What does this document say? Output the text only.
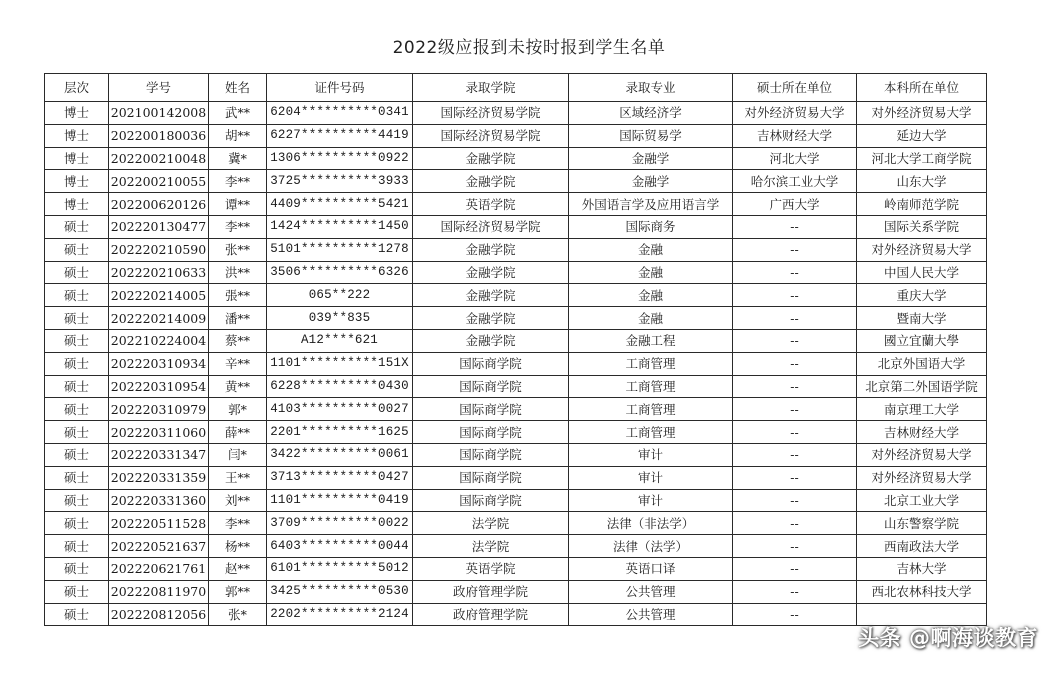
2022级应报到未按时报到学生名单
层次	学号	姓名	证件号码	录取学院	录取专业	硕士所在单位	本科所在单位
博士	202100142008	武**	6204**********0341	国际经济贸易学院	区域经济学	对外经济贸易大学	对外经济贸易大学
博士	202200180036	胡**	6227**********4419	国际经济贸易学院	国际贸易学	吉林财经大学	延边大学
博士	202200210048	冀*	1306**********0922	金融学院	金融学	河北大学	河北大学工商学院
博士	202200210055	李**	3725**********3933	金融学院	金融学	哈尔滨工业大学	山东大学
博士	202200620126	谭**	4409**********5421	英语学院	外国语言学及应用语言学	广西大学	岭南师范学院
硕士	202220130477	李**	1424**********1450	国际经济贸易学院	国际商务	--	国际关系学院
硕士	202220210590	张**	5101**********1278	金融学院	金融	--	对外经济贸易大学
硕士	202220210633	洪**	3506**********6326	金融学院	金融	--	中国人民大学
硕士	202220214005	張**	065**222	金融学院	金融	--	重庆大学
硕士	202220214009	潘**	039**835	金融学院	金融	--	暨南大学
硕士	202210224004	蔡**	A12****621	金融学院	金融工程	--	國立宜蘭大學
硕士	202220310934	辛**	1101**********151X	国际商学院	工商管理	--	北京外国语大学
硕士	202220310954	黄**	6228**********0430	国际商学院	工商管理	--	北京第二外国语学院
硕士	202220310979	郭*	4103**********0027	国际商学院	工商管理	--	南京理工大学
硕士	202220311060	薛**	2201**********1625	国际商学院	工商管理	--	吉林财经大学
硕士	202220331347	闫*	3422**********0061	国际商学院	审计	--	对外经济贸易大学
硕士	202220331359	王**	3713**********0427	国际商学院	审计	--	对外经济贸易大学
硕士	202220331360	刘**	1101**********0419	国际商学院	审计	--	北京工业大学
硕士	202220511528	李**	3709**********0022	法学院	法律（非法学）	--	山东警察学院
硕士	202220521637	杨**	6403**********0044	法学院	法律（法学）	--	西南政法大学
硕士	202220621761	赵**	6101**********5012	英语学院	英语口译	--	吉林大学
硕士	202220811970	郭**	3425**********0530	政府管理学院	公共管理	--	西北农林科技大学
硕士	202220812056	张*	2202**********2124	政府管理学院	公共管理	--	
头条 @啊海谈教育
